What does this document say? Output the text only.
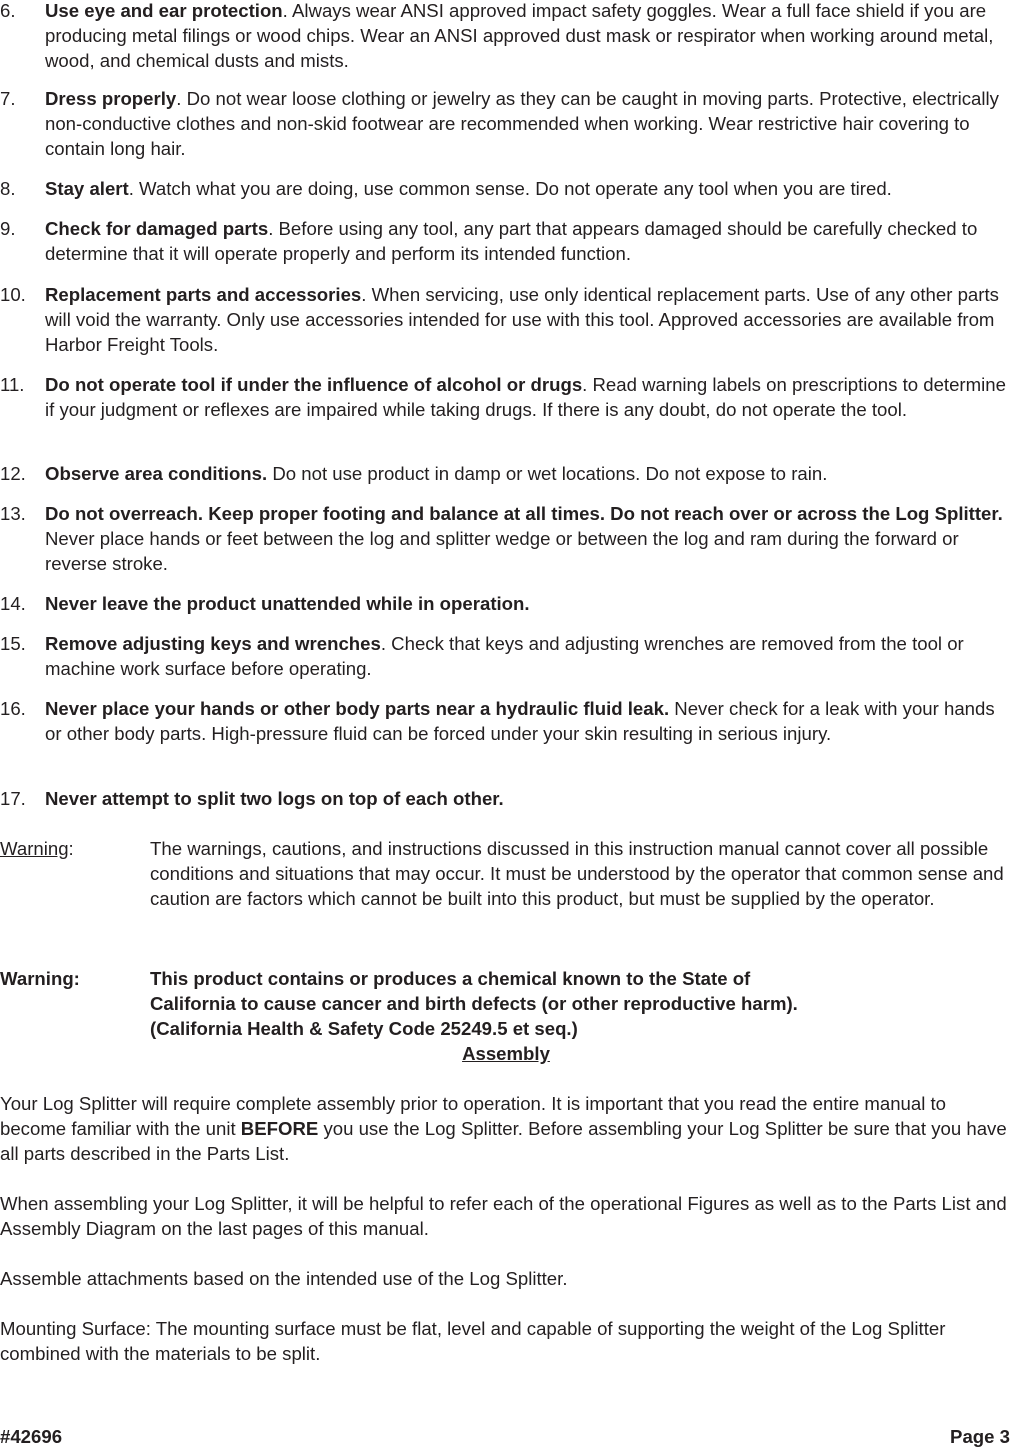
6. Use eye and ear protection. Always wear ANSI approved impact safety goggles. Wear a full face shield if you are producing metal filings or wood chips. Wear an ANSI approved dust mask or respirator when working around metal, wood, and chemical dusts and mists.
7. Dress properly. Do not wear loose clothing or jewelry as they can be caught in moving parts. Protective, electrically non-conductive clothes and non-skid footwear are recommended when working. Wear restrictive hair covering to contain long hair.
8. Stay alert. Watch what you are doing, use common sense. Do not operate any tool when you are tired.
9. Check for damaged parts. Before using any tool, any part that appears damaged should be carefully checked to determine that it will operate properly and perform its intended function.
10. Replacement parts and accessories. When servicing, use only identical replacement parts. Use of any other parts will void the warranty. Only use accessories intended for use with this tool. Approved accessories are available from Harbor Freight Tools.
11. Do not operate tool if under the influence of alcohol or drugs. Read warning labels on prescriptions to determine if your judgment or reflexes are impaired while taking drugs. If there is any doubt, do not operate the tool.
12. Observe area conditions. Do not use product in damp or wet locations. Do not expose to rain.
13. Do not overreach. Keep proper footing and balance at all times. Do not reach over or across the Log Splitter. Never place hands or feet between the log and splitter wedge or between the log and ram during the forward or reverse stroke.
14. Never leave the product unattended while in operation.
15. Remove adjusting keys and wrenches. Check that keys and adjusting wrenches are removed from the tool or machine work surface before operating.
16. Never place your hands or other body parts near a hydraulic fluid leak. Never check for a leak with your hands or other body parts. High-pressure fluid can be forced under your skin resulting in serious injury.
17. Never attempt to split two logs on top of each other.
Warning:	The warnings, cautions, and instructions discussed in this instruction manual cannot cover all possible conditions and situations that may occur. It must be understood by the operator that common sense and caution are factors which cannot be built into this product, but must be supplied by the operator.
Warning:	This product contains or produces a chemical known to the State of
California to cause cancer and birth defects (or other reproductive harm).
(California Health & Safety Code 25249.5 et seq.)
Assembly
Your Log Splitter will require complete assembly prior to operation. It is important that you read the entire manual to become familiar with the unit BEFORE you use the Log Splitter. Before assembling your Log Splitter be sure that you have all parts described in the Parts List.
When assembling your Log Splitter, it will be helpful to refer each of the operational Figures as well as to the Parts List and Assembly Diagram on the last pages of this manual.
Assemble attachments based on the intended use of the Log Splitter.
Mounting Surface: The mounting surface must be flat, level and capable of supporting the weight of the Log Splitter combined with the materials to be split.
#42696	Page 3
